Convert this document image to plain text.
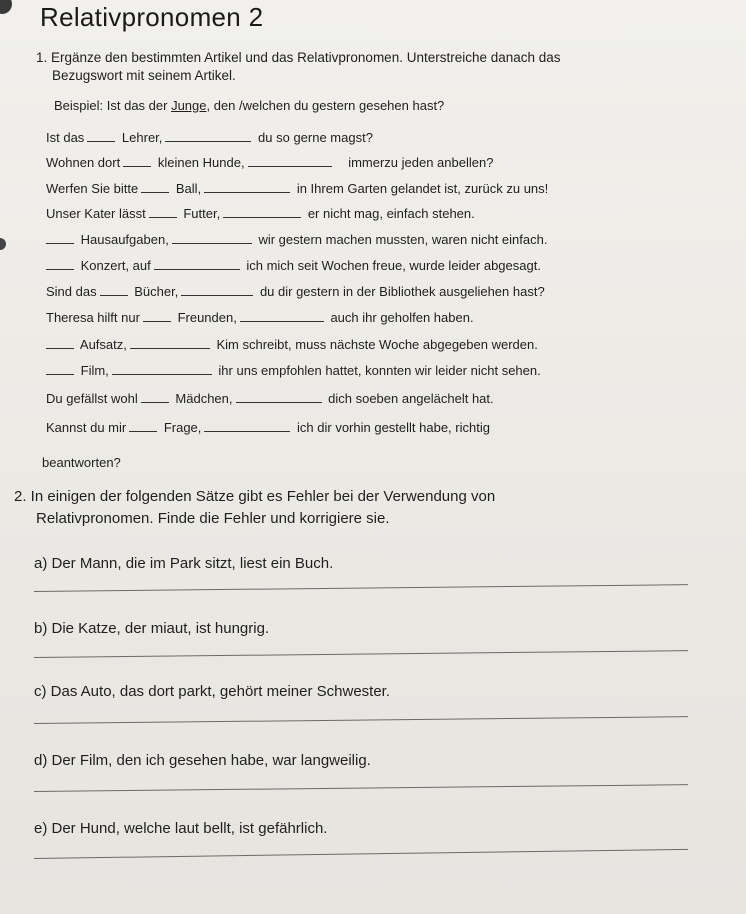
Relativpronomen 2
1. Ergänze den bestimmten Artikel und das Relativpronomen. Unterstreiche danach das
Bezugswort mit seinem Artikel.
Beispiel: Ist das der Junge, den /welchen du gestern gesehen hast?
Ist das	Lehrer,	du so gerne magst?
Wohnen dort	kleinen Hunde,	immerzu jeden anbellen?
Werfen Sie bitte	Ball,	in Ihrem Garten gelandet ist, zurück zu uns!
Unser Kater lässt	Futter,	er nicht mag, einfach stehen.
Hausaufgaben,	wir gestern machen mussten, waren nicht einfach.
Konzert, auf	ich mich seit Wochen freue, wurde leider abgesagt.
Sind das	Bücher,	du dir gestern in der Bibliothek ausgeliehen hast?
Theresa hilft nur	Freunden,	auch ihr geholfen haben.
Aufsatz,	Kim schreibt, muss nächste Woche abgegeben werden.
Film,	ihr uns empfohlen hattet, konnten wir leider nicht sehen.
Du gefällst wohl	Mädchen,	dich soeben angelächelt hat.
Kannst du mir	Frage,	ich dir vorhin gestellt habe, richtig
beantworten?
2. In einigen der folgenden Sätze gibt es Fehler bei der Verwendung von
Relativpronomen. Finde die Fehler und korrigiere sie.
a) Der Mann, die im Park sitzt, liest ein Buch.
b) Die Katze, der miaut, ist hungrig.
c) Das Auto, das dort parkt, gehört meiner Schwester.
d) Der Film, den ich gesehen habe, war langweilig.
e) Der Hund, welche laut bellt, ist gefährlich.
